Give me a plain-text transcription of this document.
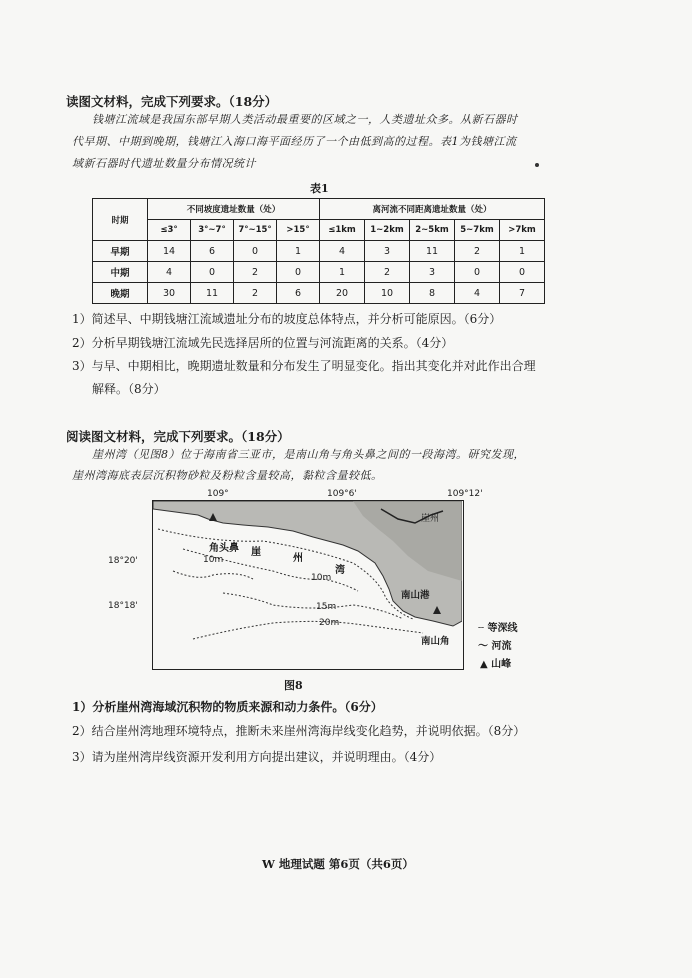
读图文材料，完成下列要求。（18分）
钱塘江流域是我国东部早期人类活动最重要的区域之一，人类遗址众多。从新石器时
代早期、中期到晚期，钱塘江入海口海平面经历了一个由低到高的过程。表1为钱塘江流
域新石器时代遗址数量分布情况统计
表1
时期	不同坡度遗址数量（处）				离河流不同距离遗址数量（处）				
	≤3°	3°~7°	7°~15°	>15°	≤1km	1~2km	2~5km	5~7km	>7km
早期	14	6	0	1	4	3	11	2	1
中期	4	0	2	0	1	2	3	0	0
晚期	30	11	2	6	20	10	8	4	7
1）简述早、中期钱塘江流域遗址分布的坡度总体特点，并分析可能原因。（6分）
2）分析早期钱塘江流域先民选择居所的位置与河流距离的关系。（4分）
3）与早、中期相比，晚期遗址数量和分布发生了明显变化。指出其变化并对此作出合理
解释。（8分）
阅读图文材料，完成下列要求。（18分）
崖州湾（见图8）位于海南省三亚市，是南山角与角头鼻之间的一段海湾。研究发现，
崖州湾海底表层沉积物砂粒及粉粒含量较高，黏粒含量较低。
109°	109°6'	109°12'
18°20'
18°18'
角头鼻 崖
州
湾
南山港
南山角
崖州
10m
10m
15m
20m	┄ 等深线
〜 河流
▲ 山峰
图8
1）分析崖州湾海域沉积物的物质来源和动力条件。（6分）
2）结合崖州湾地理环境特点，推断未来崖州湾海岸线变化趋势，并说明依据。（8分）
3）请为崖州湾岸线资源开发利用方向提出建议，并说明理由。（4分）
W 地理试题 第6页（共6页）
